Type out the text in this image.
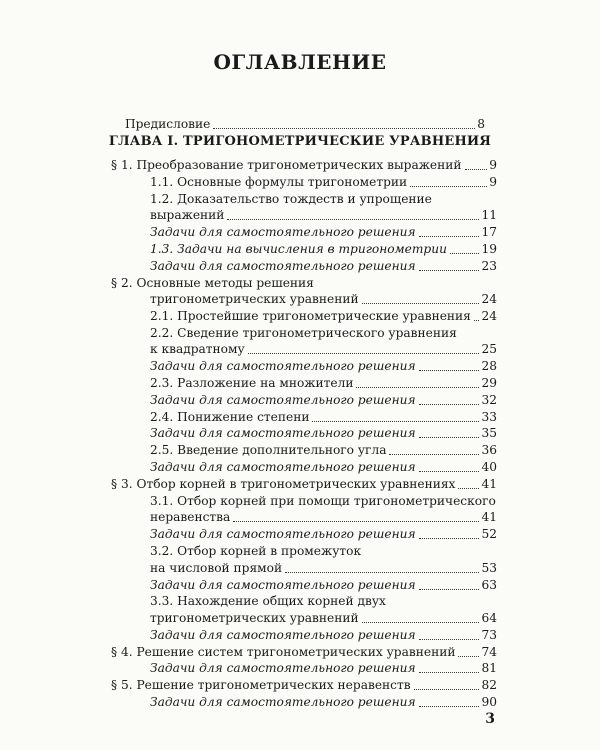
ОГЛАВЛЕНИЕ
Предисловие	8
ГЛАВА I. ТРИГОНОМЕТРИЧЕСКИЕ УРАВНЕНИЯ
§ 1. Преобразование тригонометрических выражений 9
1.1. Основные формулы тригонометрии	9
1.2. Доказательство тождеств и упрощение
выражений	11
Задачи для самостоятельного решения	17
1.3. Задачи на вычисления в тригонометрии	19
Задачи для самостоятельного решения	23
§ 2. Основные методы решения
тригонометрических уравнений	24
2.1. Простейшие тригонометрические уравнения 24
2.2. Сведение тригонометрического уравнения
к квадратному	25
Задачи для самостоятельного решения	28
2.3. Разложение на множители	29
Задачи для самостоятельного решения	32
2.4. Понижение степени	33
Задачи для самостоятельного решения	35
2.5. Введение дополнительного угла	36
Задачи для самостоятельного решения	40
§ 3. Отбор корней в тригонометрических уравнениях 41
3.1. Отбор корней при помощи тригонометрического
неравенства	41
Задачи для самостоятельного решения	52
3.2. Отбор корней в промежуток
на числовой прямой	53
Задачи для самостоятельного решения	63
3.3. Нахождение общих корней двух
тригонометрических уравнений	64
Задачи для самостоятельного решения	73
§ 4. Решение систем тригонометрических уравнений 74
Задачи для самостоятельного решения	81
§ 5. Решение тригонометрических неравенств	82
Задачи для самостоятельного решения	90
3
